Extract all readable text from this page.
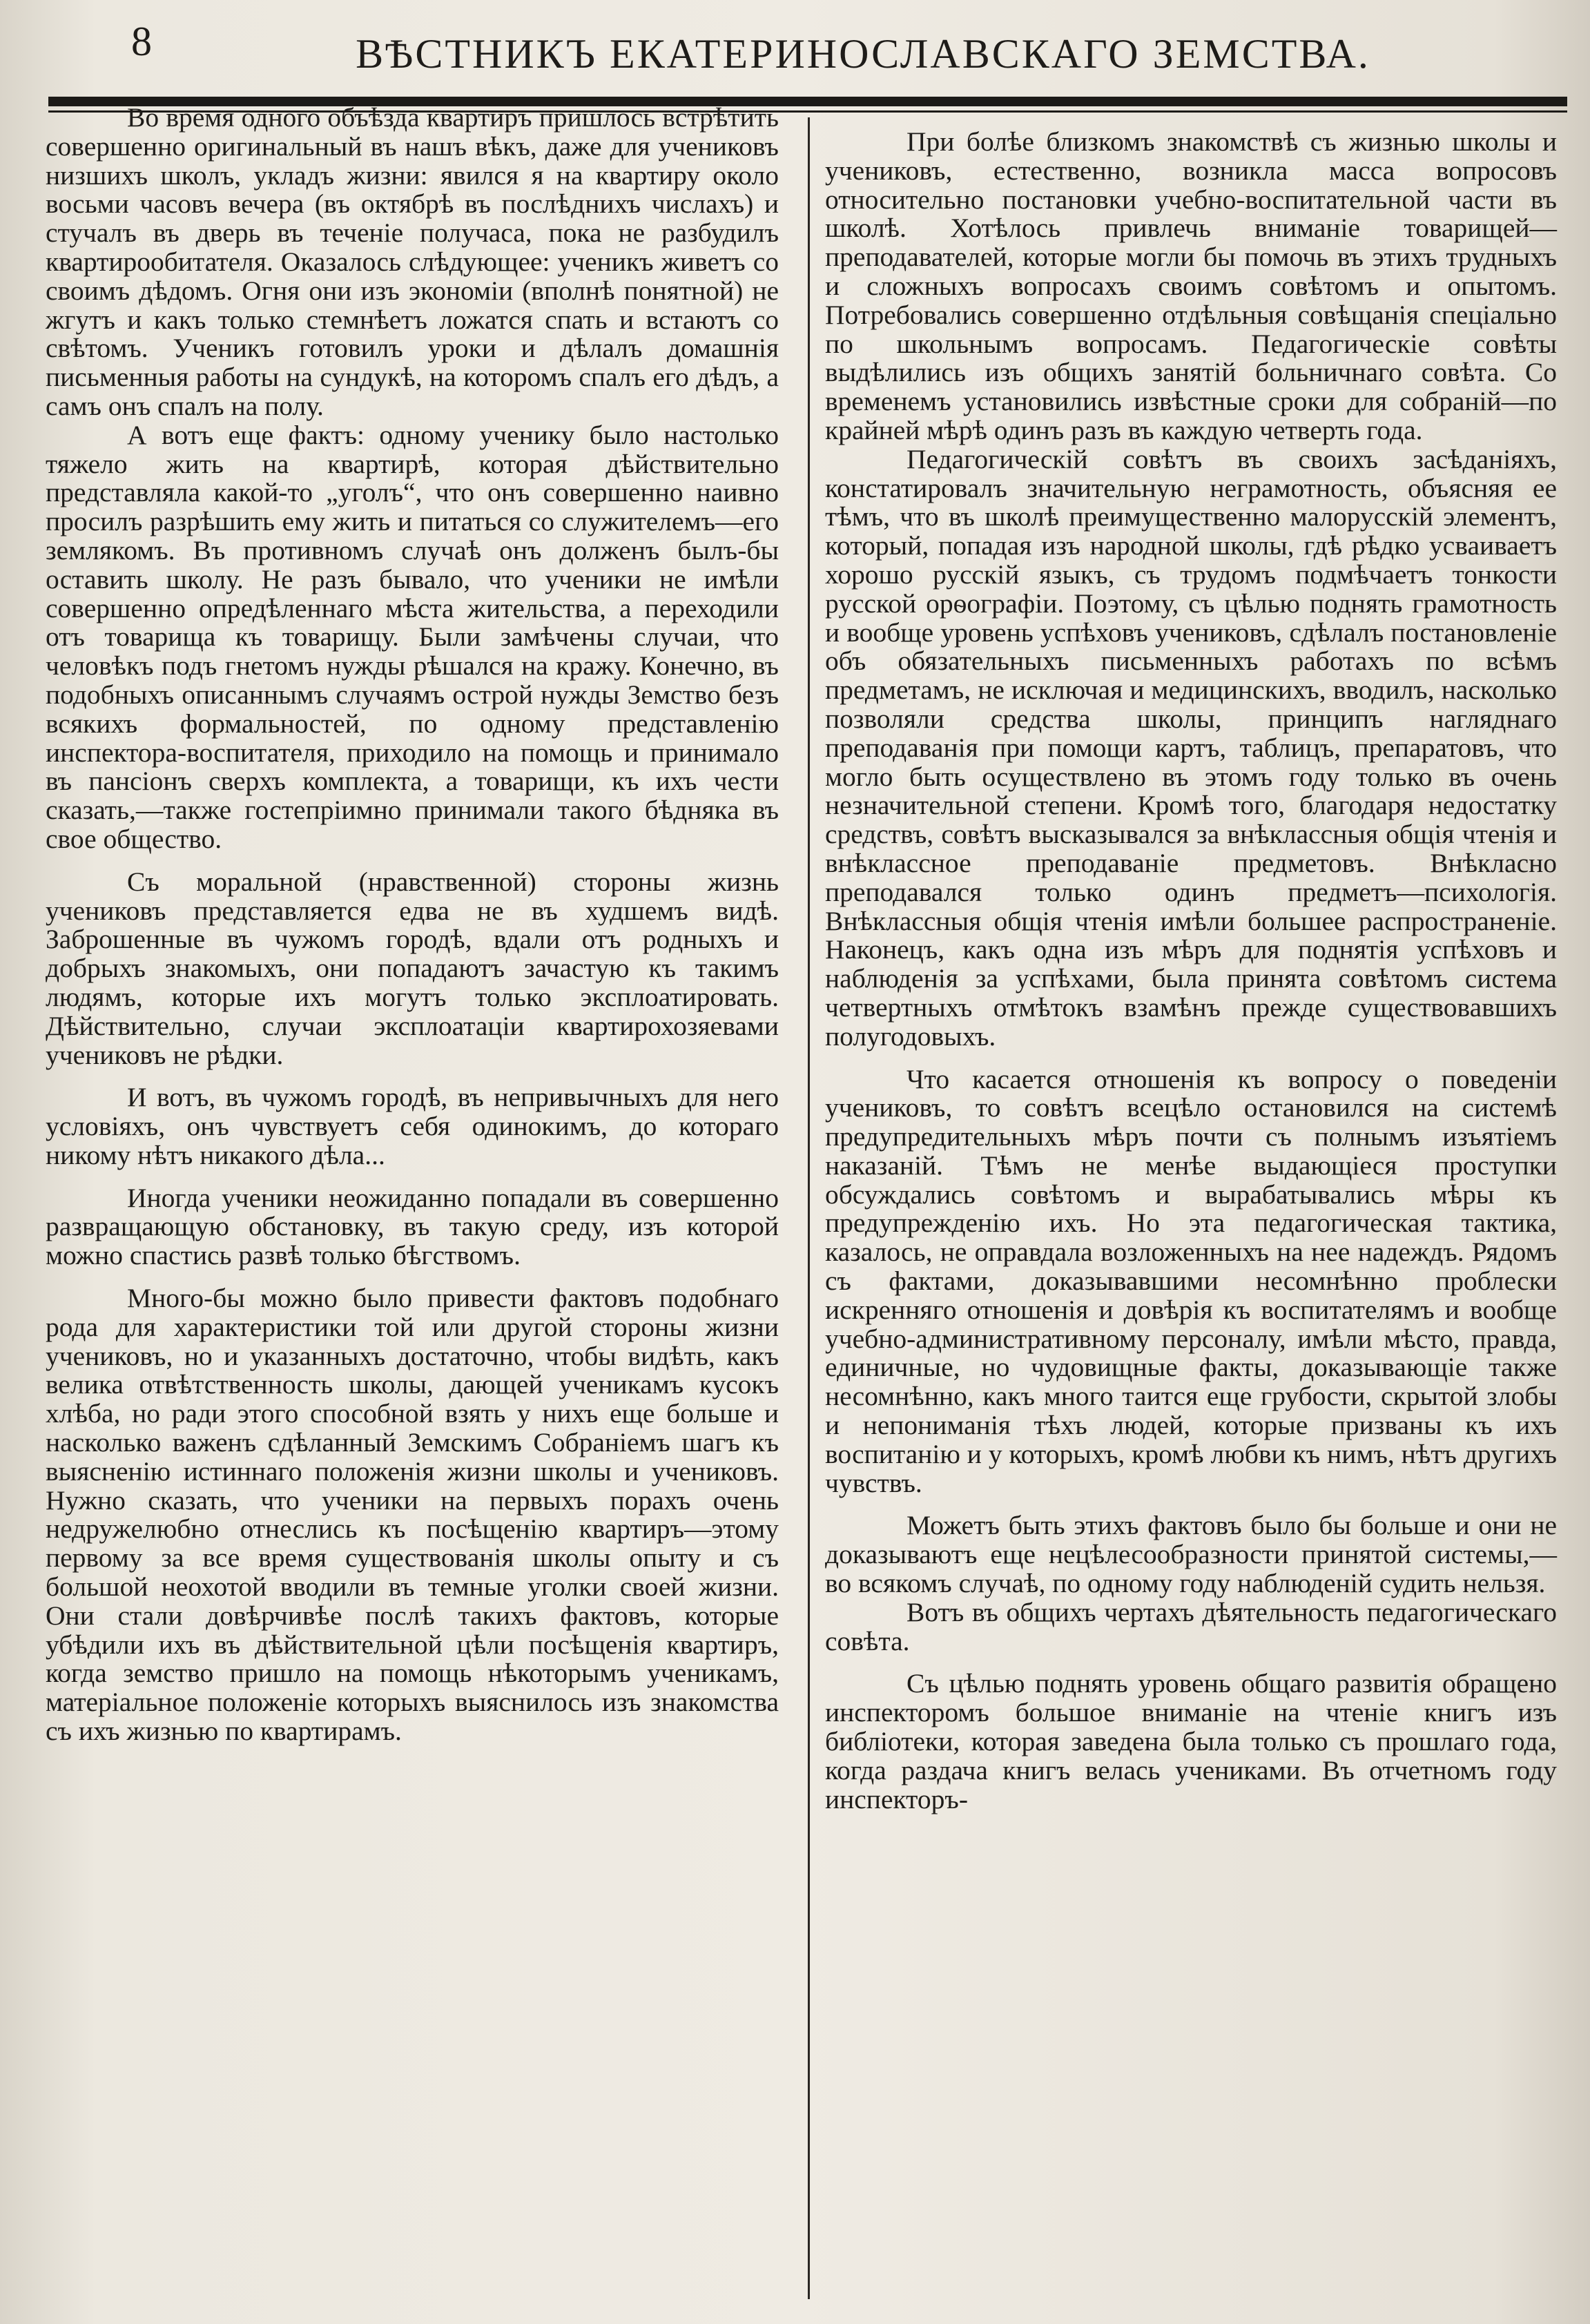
8	ВѢСТНИКЪ ЕКАТЕРИНОСЛАВСКАГО ЗЕМСТВА.

Во время одного объѣзда квартиръ пришлось встрѣтить совершенно оригинальный въ нашъ вѣкъ, даже для учениковъ низшихъ школъ, укладъ жизни: явился я на квартиру около восьми часовъ вечера (въ октябрѣ въ послѣднихъ числахъ) и стучалъ въ дверь въ теченіе получаса, пока не разбудилъ квартирообитателя. Оказалось слѣдующее: ученикъ живетъ со своимъ дѣдомъ. Огня они изъ экономіи (вполнѣ понятной) не жгутъ и какъ только стемнѣетъ ложатся спать и встаютъ со свѣтомъ. Ученикъ готовилъ уроки и дѣлалъ домашнія письменныя работы на сундукѣ, на которомъ спалъ его дѣдъ, а самъ онъ спалъ на полу.

А вотъ еще фактъ: одному ученику было настолько тяжело жить на квартирѣ, которая дѣйствительно представляла какой-то „уголъ“, что онъ совершенно наивно просилъ разрѣшить ему жить и питаться со служителемъ—его землякомъ. Въ противномъ случаѣ онъ долженъ былъ-бы оставить школу. Не разъ бывало, что ученики не имѣли совершенно опредѣленнаго мѣста жительства, а переходили отъ товарища къ товарищу. Были замѣчены случаи, что человѣкъ подъ гнетомъ нужды рѣшался на кражу. Конечно, въ подобныхъ описаннымъ случаямъ острой нужды Земство безъ всякихъ формальностей, по одному представленію инспектора-воспитателя, приходило на помощь и принимало въ пансіонъ сверхъ комплекта, а товарищи, къ ихъ чести сказать,—также гостепріимно принимали такого бѣдняка въ свое общество.

Съ моральной (нравственной) стороны жизнь учениковъ представляется едва не въ худшемъ видѣ. Заброшенные въ чужомъ городѣ, вдали отъ родныхъ и добрыхъ знакомыхъ, они попадаютъ зачастую къ такимъ людямъ, которые ихъ могутъ только эксплоатировать. Дѣйствительно, случаи эксплоатаціи квартирохозяевами учениковъ не рѣдки.

И вотъ, въ чужомъ городѣ, въ непривычныхъ для него условіяхъ, онъ чувствуетъ себя одинокимъ, до котораго никому нѣтъ никакого дѣла...

Иногда ученики неожиданно попадали въ совершенно развращающую обстановку, въ такую среду, изъ которой можно спастись развѣ только бѣгствомъ.

Много-бы можно было привести фактовъ подобнаго рода для характеристики той или другой стороны жизни учениковъ, но и указанныхъ достаточно, чтобы видѣть, какъ велика отвѣтственность школы, дающей ученикамъ кусокъ хлѣба, но ради этого способной взять у нихъ еще больше и насколько важенъ сдѣланный Земскимъ Собраніемъ шагъ къ выясненію истиннаго положенія жизни школы и учениковъ. Нужно сказать, что ученики на первыхъ порахъ очень недружелюбно отнеслись къ посѣщенію квартиръ—этому первому за все время существованія школы опыту и съ большой неохотой вводили въ темные уголки своей жизни. Они стали довѣрчивѣе послѣ такихъ фактовъ, которые убѣдили ихъ въ дѣйствительной цѣли посѣщенія квартиръ, когда земство пришло на помощь нѣкоторымъ ученикамъ, матеріальное положеніе которыхъ выяснилось изъ знакомства съ ихъ жизнью по квартирамъ.

При болѣе близкомъ знакомствѣ съ жизнью школы и учениковъ, естественно, возникла масса вопросовъ относительно постановки учебно-воспитательной части въ школѣ. Хотѣлось привлечь вниманіе товарищей—преподавателей, которые могли бы помочь въ этихъ трудныхъ и сложныхъ вопросахъ своимъ совѣтомъ и опытомъ. Потребовались совершенно отдѣльныя совѣщанія спеціально по школьнымъ вопросамъ. Педагогическіе совѣты выдѣлились изъ общихъ занятій больничнаго совѣта. Со временемъ установились извѣстные сроки для собраній—по крайней мѣрѣ одинъ разъ въ каждую четверть года.

Педагогическій совѣтъ въ своихъ засѣданіяхъ, констатировалъ значительную неграмотность, объясняя ее тѣмъ, что въ школѣ преимущественно малорусскій элементъ, который, попадая изъ народной школы, гдѣ рѣдко усваиваетъ хорошо русскій языкъ, съ трудомъ подмѣчаетъ тонкости русской орѳографіи. Поэтому, съ цѣлью поднять грамотность и вообще уровень успѣховъ учениковъ, сдѣлалъ постановленіе объ обязательныхъ письменныхъ работахъ по всѣмъ предметамъ, не исключая и медицинскихъ, вводилъ, насколько позволяли средства школы, принципъ нагляднаго преподаванія при помощи картъ, таблицъ, препаратовъ, что могло быть осуществлено въ этомъ году только въ очень незначительной степени. Кромѣ того, благодаря недостатку средствъ, совѣтъ высказывался за внѣклассныя общія чтенія и внѣклассное преподаваніе предметовъ. Внѣкласно преподавался только одинъ предметъ—психологія. Внѣклассныя общія чтенія имѣли большее распространеніе. Наконецъ, какъ одна изъ мѣръ для поднятія успѣховъ и наблюденія за успѣхами, была принята совѣтомъ система четвертныхъ отмѣтокъ взамѣнъ прежде существовавшихъ полугодовыхъ.

Что касается отношенія къ вопросу о поведеніи учениковъ, то совѣтъ всецѣло остановился на системѣ предупредительныхъ мѣръ почти съ полнымъ изъятіемъ наказаній. Тѣмъ не менѣе выдающіеся проступки обсуждались совѣтомъ и вырабатывались мѣры къ предупрежденію ихъ. Но эта педагогическая тактика, казалось, не оправдала возложенныхъ на нее надеждъ. Рядомъ съ фактами, доказывавшими несомнѣнно проблески искренняго отношенія и довѣрія къ воспитателямъ и вообще учебно-административному персоналу, имѣли мѣсто, правда, единичные, но чудовищные факты, доказывающіе также несомнѣнно, какъ много таится еще грубости, скрытой злобы и непониманія тѣхъ людей, которые призваны къ ихъ воспитанію и у которыхъ, кромѣ любви къ нимъ, нѣтъ другихъ чувствъ.

Можетъ быть этихъ фактовъ было бы больше и они не доказываютъ еще нецѣлесообразности принятой системы,—во всякомъ случаѣ, по одному году наблюденій судить нельзя.

Вотъ въ общихъ чертахъ дѣятельность педагогическаго совѣта.

Съ цѣлью поднять уровень общаго развитія обращено инспекторомъ большое вниманіе на чтеніе книгъ изъ библіотеки, которая заведена была только съ прошлаго года, когда раздача книгъ велась учениками. Въ отчетномъ году инспекторъ-
